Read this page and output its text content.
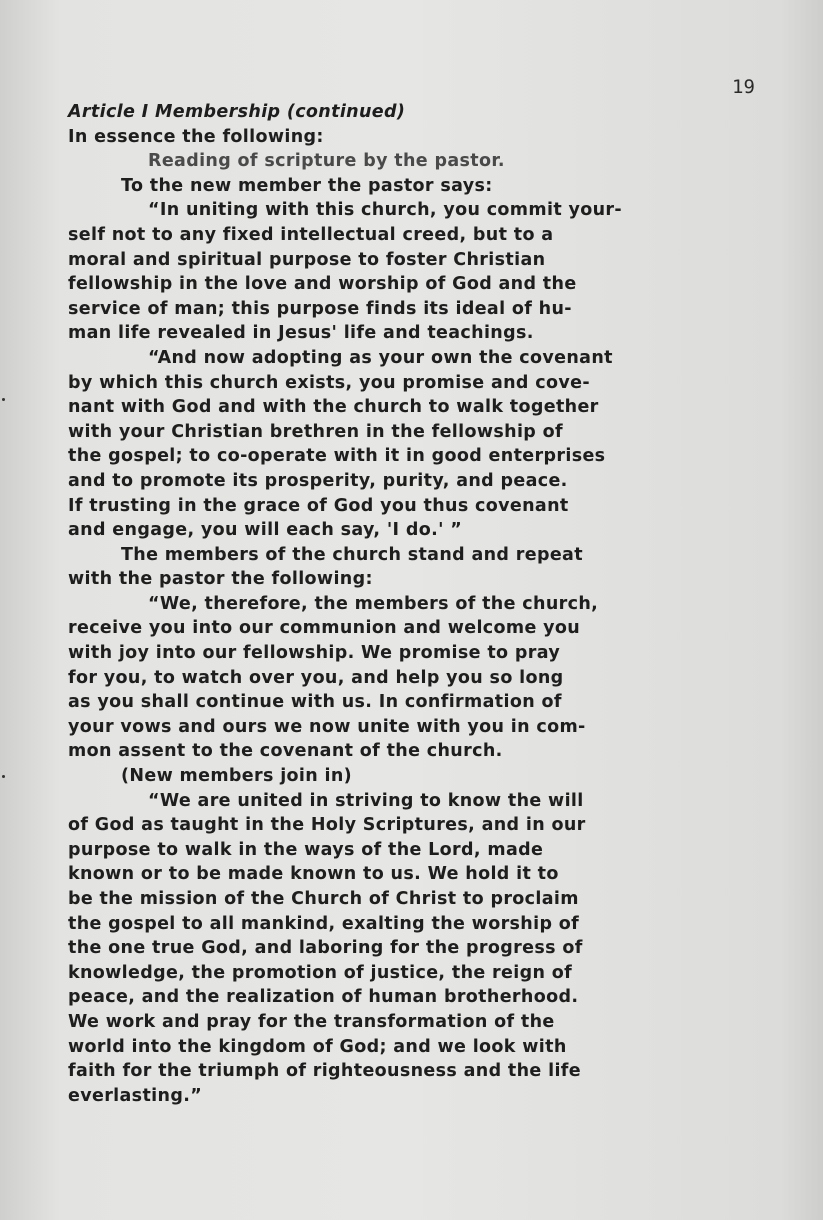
19
Article I Membership (continued)
In essence the following:
Reading of scripture by the pastor.
To the new member the pastor says:
“In uniting with this church, you commit your-
self not to any fixed intellectual creed, but to a
moral and spiritual purpose to foster Christian
fellowship in the love and worship of God and the
service of man; this purpose finds its ideal of hu-
man life revealed in Jesus' life and teachings.
“And now adopting as your own the covenant
by which this church exists, you promise and cove-
nant with God and with the church to walk together
with your Christian brethren in the fellowship of
the gospel; to co-operate with it in good enterprises
and to promote its prosperity, purity, and peace.
If trusting in the grace of God you thus covenant
and engage, you will each say, 'I do.' ”
The members of the church stand and repeat
with the pastor the following:
“We, therefore, the members of the church,
receive you into our communion and welcome you
with joy into our fellowship. We promise to pray
for you, to watch over you, and help you so long
as you shall continue with us. In confirmation of
your vows and ours we now unite with you in com-
mon assent to the covenant of the church.
(New members join in)
“We are united in striving to know the will
of God as taught in the Holy Scriptures, and in our
purpose to walk in the ways of the Lord, made
known or to be made known to us. We hold it to
be the mission of the Church of Christ to proclaim
the gospel to all mankind, exalting the worship of
the one true God, and laboring for the progress of
knowledge, the promotion of justice, the reign of
peace, and the realization of human brotherhood.
We work and pray for the transformation of the
world into the kingdom of God; and we look with
faith for the triumph of righteousness and the life
everlasting.”
